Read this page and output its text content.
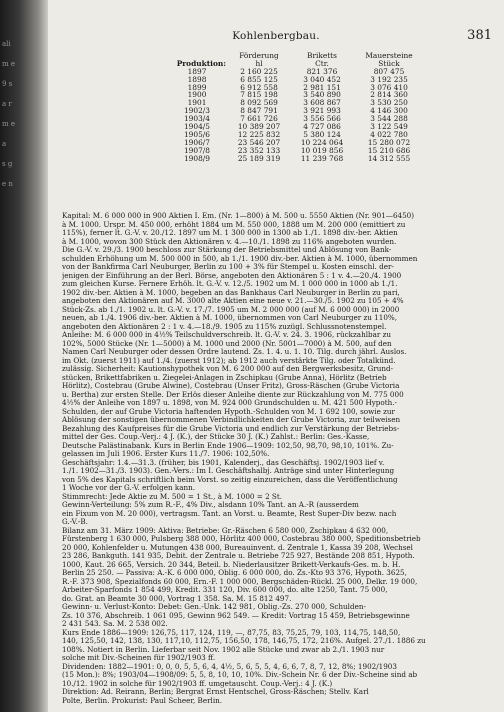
ali
m e
9 s
a r
m e
a
s g
e n
Kohlenbergbau.	381
Förderung	Briketts	Mauersteine
Produktion:	hl	Ctr.	Stück
1897	2 160 225	821 376	807 475
1898	6 855 125	3 040 452	3 192 235
1899	6 912 558	2 981 151	3 076 410
1900	7 815 198	3 540 890	2 814 360
1901	8 092 569	3 608 867	3 530 250
1902/3	8 847 791	3 921 993	4 146 300
1903/4	7 661 726	3 556 566	3 544 288
1904/5	10 389 207	4 727 086	3 122 549
1905/6	12 225 832	5 380 124	4 022 780
1906/7	23 546 207	10 224 064	15 280 072
1907/8	23 352 133	10 019 856	15 210 686
1908/9	25 189 319	11 239 768	14 312 555
Kapital: M. 6 000 000 in 900 Aktien I. Em. (Nr. 1—800) à M. 500 u. 5550 Aktien (Nr. 901—6450)
à M. 1000. Urspr. M. 450 000, erhöht 1884 um M. 550 000, 1888 um M. 200 000 (emittiert zu
115%), ferner lt. G.-V. v. 20./12. 1897 um M. 1 300 000 in 1300 ab 1./1. 1898 div.-ber. Aktien
à M. 1000, wovon 300 Stück den Aktionären v. 4.—10./1. 1898 zu 116% angeboten wurden.
Die G.-V. v. 29./3. 1900 beschloss zur Stärkung der Betriebsmittel und Ablösung von Bank-
schulden Erhöhung um M. 500 000 in 500, ab 1./1. 1900 div.-ber. Aktien à M. 1000, übernommen
von der Bankfirma Carl Neuburger, Berlin zu 100 + 3% für Stempel u. Kosten einschl. der-
jenigen der Einführung an der Berl. Börse, angeboten den Aktionären 5 : 1 v. 4.—20./4. 1900
zum gleichen Kurse. Fernere Erhöh. lt. G.-V. v. 12./5. 1902 um M. 1 000 000 in 1000 ab 1./1.
1902 div.-ber. Aktien à M. 1000, begeben an das Bankhaus Carl Neuburger in Berlin zu pari,
angeboten den Aktionären auf M. 3000 alte Aktien eine neue v. 21.—30./5. 1902 zu 105 + 4%
Stück-Zs. ab 1./1. 1902 u. lt. G.-V. v. 17./7. 1905 um M. 2 000 000 (auf M. 6 000 000) in 2000
neuen, ab 1./4. 1906 div.-ber. Aktien à M. 1000, übernommen von Carl Neuburger zu 110%,
angeboten den Aktionären 2 : 1 v. 4.—18./9. 1905 zu 115% zuzügl. Schlussnotenstempel.
Anleihe: M. 6 000 000 in 4½% Teilschuldverschreib. lt. G.-V. v. 24. 3. 1906, rückzahlbar zu
102%, 5000 Stücke (Nr. 1—5000) à M. 1000 und 2000 (Nr. 5001—7000) à M. 500, auf den
Namen Carl Neuburger oder dessen Ordre lautend. Zs. 1. 4. u. 1. 10. Tilg. durch jährl. Auslos.
im Okt. (zuerst 1911) auf 1./4. (zuerst 1912); ab 1912 auch verstärkte Tilg. oder Totalkünd.
zulässig. Sicherheit: Kautionshypothek von M. 6 200 000 auf den Bergwerksbesitz, Grund-
stücken, Brikettfabriken u. Ziegelei-Anlagen in Zschipkau (Grube Anna), Hörlitz (Betrieb
Hörlitz), Costebrau (Grube Alwine), Costebrau (Unser Fritz), Gross-Räschen (Grube Victoria
u. Bertha) zur ersten Stelle. Der Erlös dieser Anleihe diente zur Rückzahlung von M. 775 000
4½% der Anleihe von 1897 u. 1898, von M. 924 000 Grundschulden u. M. 421 500 Hypoth.-
Schulden, der auf Grube Victoria haftenden Hypoth.-Schulden von M. 1 692 100, sowie zur
Ablösung der sonstigen übernommenen Verbindlichkeiten der Grube Victoria, zur teilweisen
Bezahlung des Kaufpreises für die Grube Victoria und endlich zur Verstärkung der Betriebs-
mittel der Ges. Coup.-Verj.: 4 J. (K.), der Stücke 30 J. (K.) Zahlst.: Berlin: Ges.-Kasse,
Deutsche Palästinabank. Kurs in Berlin Ende 1906—1909: 102,50, 98,70, 98,10, 101%. Zu-
gelassen im Juli 1906. Erster Kurs 11./7. 1906: 102,50%.
Geschäftsjahr: 1.4.—31.3. (früher, bis 1901, Kalenderj., das Geschäftsj. 1902/1903 lief v.
1./1. 1902—31./3. 1903). Gen.-Vers.: Im I. Geschäftshalbj. Anträge sind unter Hinterlegung
von 5% des Kapitals schriftlich beim Vorst. so zeitig einzureichen, dass die Veröffentlichung
1 Woche vor der G.-V. erfolgen kann.
Stimmrecht: Jede Aktie zu M. 500 = 1 St., à M. 1000 = 2 St.
Gewinn-Verteilung: 5% zum R.-F., 4% Div., alsdann 10% Tant. an A.-R (ausserdem
ein Fixum von M. 20 000), vertragsm. Tant. an Vorst. u. Beamte, Rest Super-Div bezw. nach
G.-V.-B.
Bilanz am 31. März 1909: Aktiva: Betriebe: Gr.-Räschen 6 580 000, Zschipkau 4 632 000,
Fürstenberg 1 630 000, Pulsberg 388 000, Hörlitz 400 000, Costebrau 380 000, Speditionsbetrieb
20 000, Kohlenfelder u. Mutungen 438 000, Bureauinvent. d. Zentrale 1, Kassa 39 208, Wechsel
23 286, Bankguth. 141 935, Debit. der Zentrale u. Betriebe 725 927, Bestände 208 851, Hypoth.
1000, Kaut. 26 665, Versich. 20 344, Beteil. b. Niederlausitzer Brikett-Verkaufs-Ges. m. b. H.
Berlin 25 250. — Passiva: A.-K. 6 000 000, Oblig. 6 000 000, do. Zs.-Kto 93 376, Hypoth. 3625,
R.-F. 373 908, Spezialfonds 60 000, Ern.-F. 1 000 000, Bergschäden-Rückl. 25 000, Delkr. 19 000,
Arbeiter-Sparfonds 1 854 499, Kredit. 331 120, Div. 600 000, do. alte 1250, Tant. 75 000,
do. Grat. an Beamte 30 000, Vortrag 1 358. Sa. M. 15 812 497.
Gewinn- u. Verlust-Konto: Debet: Gen.-Unk. 142 981, Oblig.-Zs. 270 000, Schulden-
Zs. 10 376, Abschreib. 1 061 095, Gewinn 962 549. — Kredit: Vortrag 15 459, Betriebsgewinne
2 431 543. Sa. M. 2 538 002.
Kurs Ende 1886—1909: 126,75, 117, 124, 119, —, 87,75, 83, 75,25, 79, 103, 114,75, 148,50,
140, 125,50, 142, 138, 130, 117,10, 112,75, 156,50, 178, 146,75, 172, 216%. Aufgel. 27./1. 1886 zu
108%. Notiert in Berlin. Lieferbar seit Nov. 1902 alle Stücke und zwar ab 2./1. 1903 nur
solche mit Div.-Scheinen für 1902/1903 ff.
Dividenden: 1882—1901: 0, 0, 0, 5, 5, 6, 4, 4½, 5, 6, 5, 5, 4, 6, 6, 7, 8, 7, 12, 8%; 1902/1903
(15 Mon.): 8%; 1903/04—1908/09: 5, 5, 8, 10, 10, 10%. Div.-Schein Nr. 6 der Div.-Scheine sind ab
10./12. 1902 in solche für 1902/1903 ff. umgetauscht. Coup.-Verj.: 4 J. (K.)
Direktion: Ad. Reirann, Berlin; Bergrat Ernst Hentschel, Gross-Räschen; Stellv. Karl
Polte, Berlin. Prokurist: Paul Scheer, Berlin.
